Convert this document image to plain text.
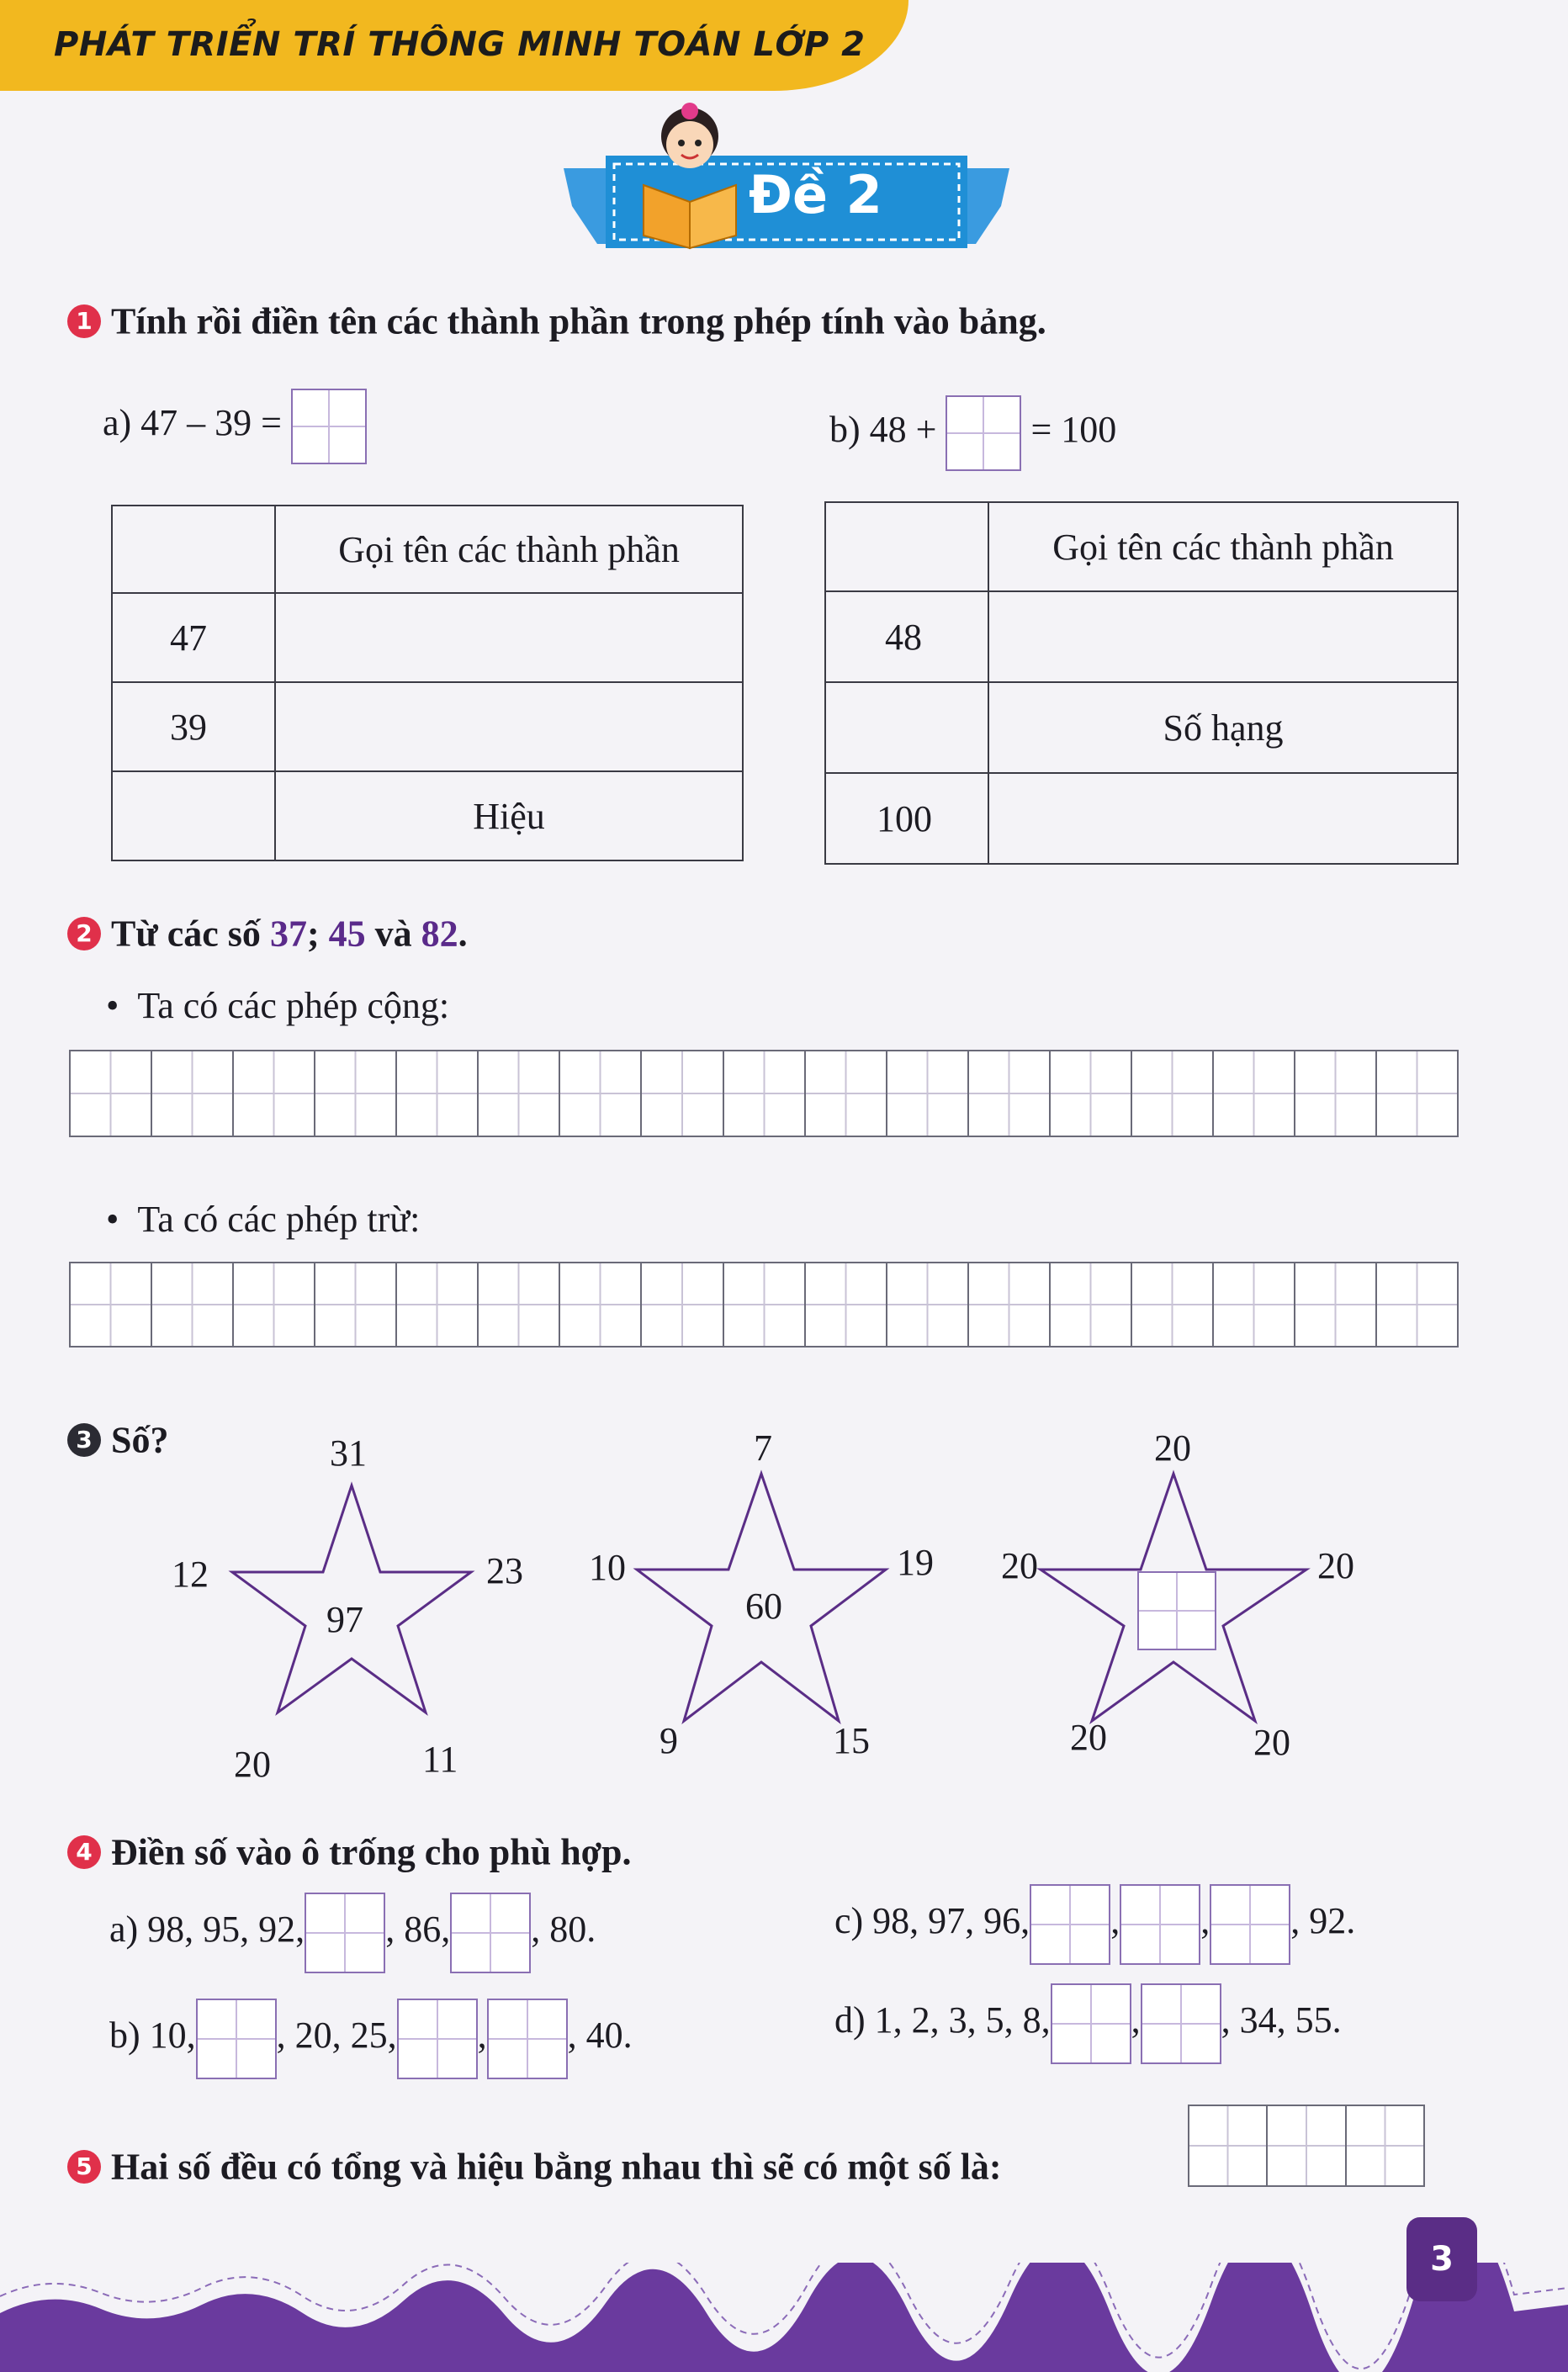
PHÁT TRIỂN TRÍ THÔNG MINH TOÁN LỚP 2
Đề 2
1 Tính rồi điền tên các thành phần trong phép tính vào bảng.
a) 47 – 39 =	b) 48 +	= 100
	Gọi tên các thành phần
47	
39	
	Hiệu
	Gọi tên các thành phần
48	
	Số hạng
100	
2 Từ các số 37; 45 và 82.
• Ta có các phép cộng:
• Ta có các phép trừ:
3 Số?	31
12	23
97
20	11
7
10	19
60
9	15
20
20	20
20	20
4 Điền số vào ô trống cho phù hợp.
a) 98, 95, 92, , 86, , 80.	c) 98, 97, 96, , , , 92.
b) 10, , 20, 25, , , 40.	d) 1, 2, 3, 5, 8, , , 34, 55.
5 Hai số đều có tổng và hiệu bằng nhau thì sẽ có một số là:
3
